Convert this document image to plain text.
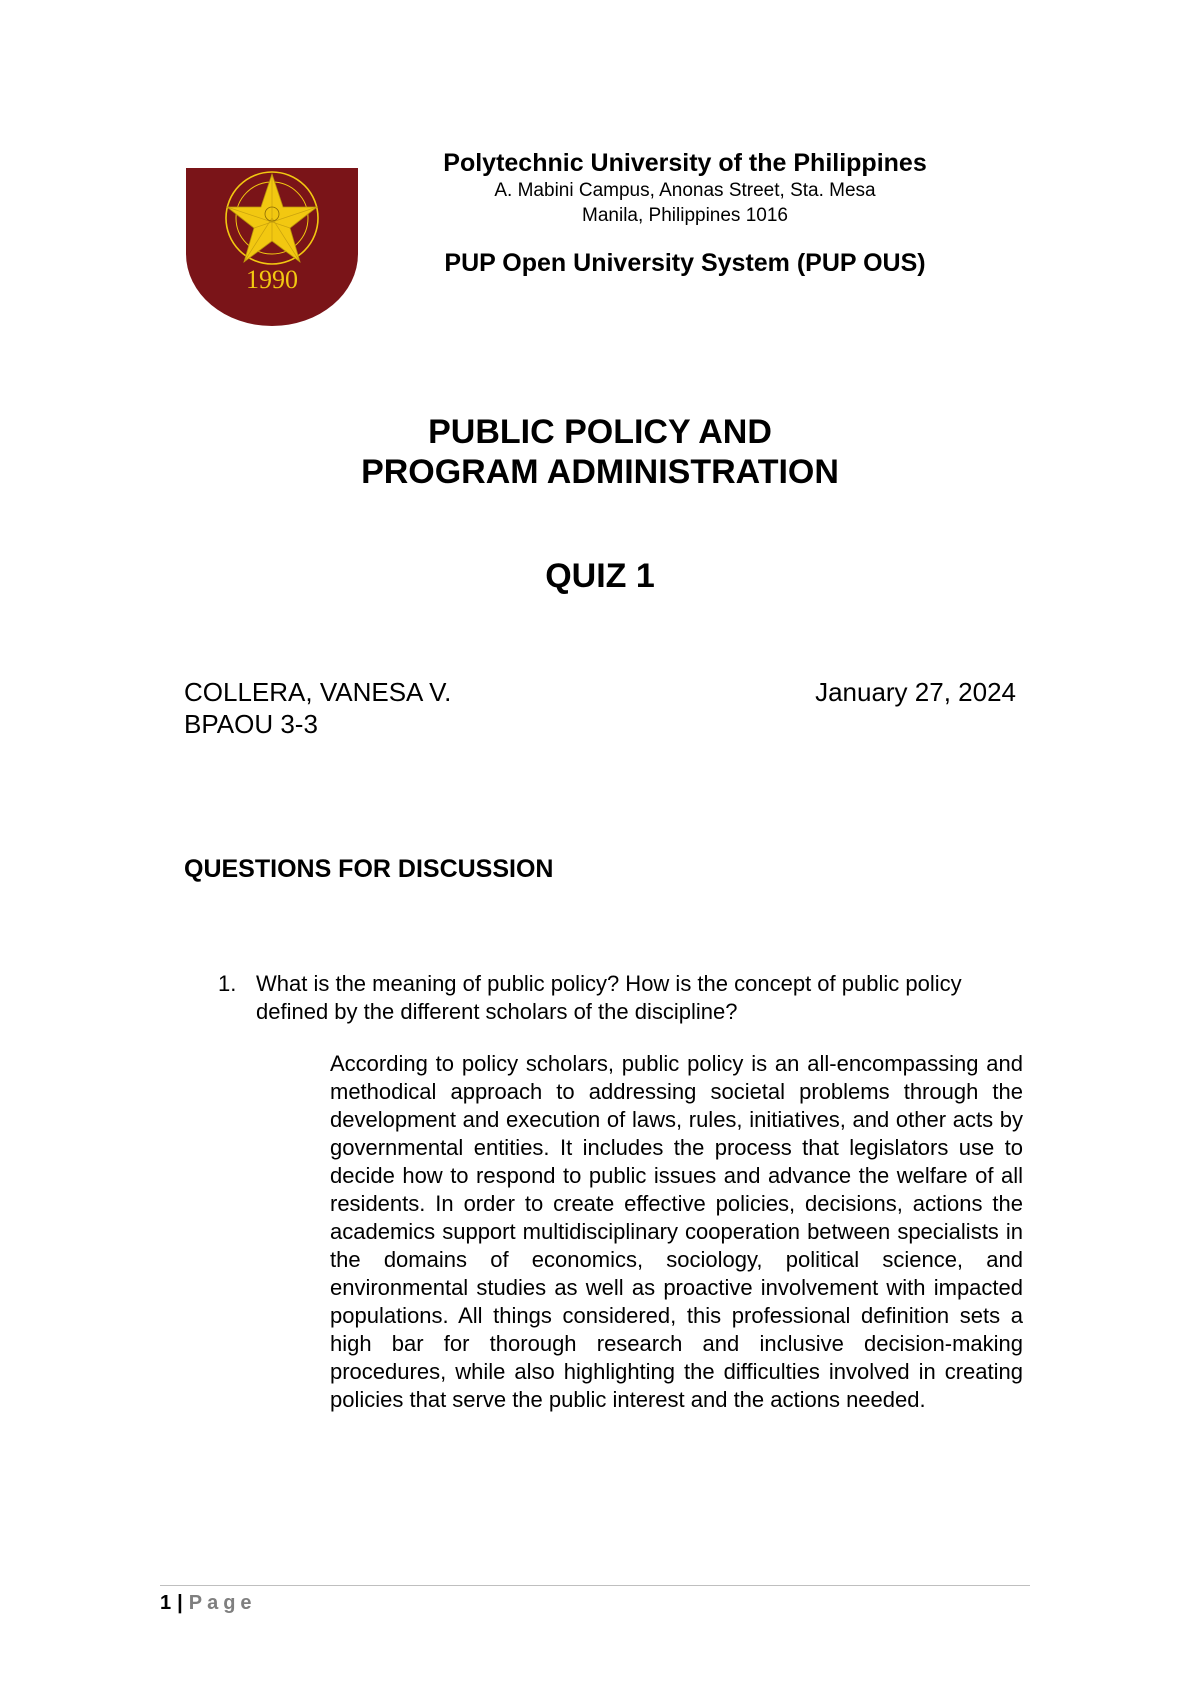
1990
Polytechnic University of the Philippines
A. Mabini Campus, Anonas Street, Sta. Mesa
Manila, Philippines 1016
PUP Open University System (PUP OUS)
PUBLIC POLICY AND
PROGRAM ADMINISTRATION
QUIZ 1
COLLERA, VANESA V.
BPAOU 3-3
January 27, 2024
QUESTIONS FOR DISCUSSION
1. What is the meaning of public policy? How is the concept of public policy defined by the different scholars of the discipline?

According to policy scholars, public policy is an all-encompassing and methodical approach to addressing societal problems through the development and execution of laws, rules, initiatives, and other acts by governmental entities. It includes the process that legislators use to decide how to respond to public issues and advance the welfare of all residents. In order to create effective policies, decisions, actions the academics support multidisciplinary cooperation between specialists in the domains of economics, sociology, political science, and environmental studies as well as proactive involvement with impacted populations. All things considered, this professional definition sets a high bar for thorough research and inclusive decision-making procedures, while also highlighting the difficulties involved in creating policies that serve the public interest and the actions needed.

1 | Page
